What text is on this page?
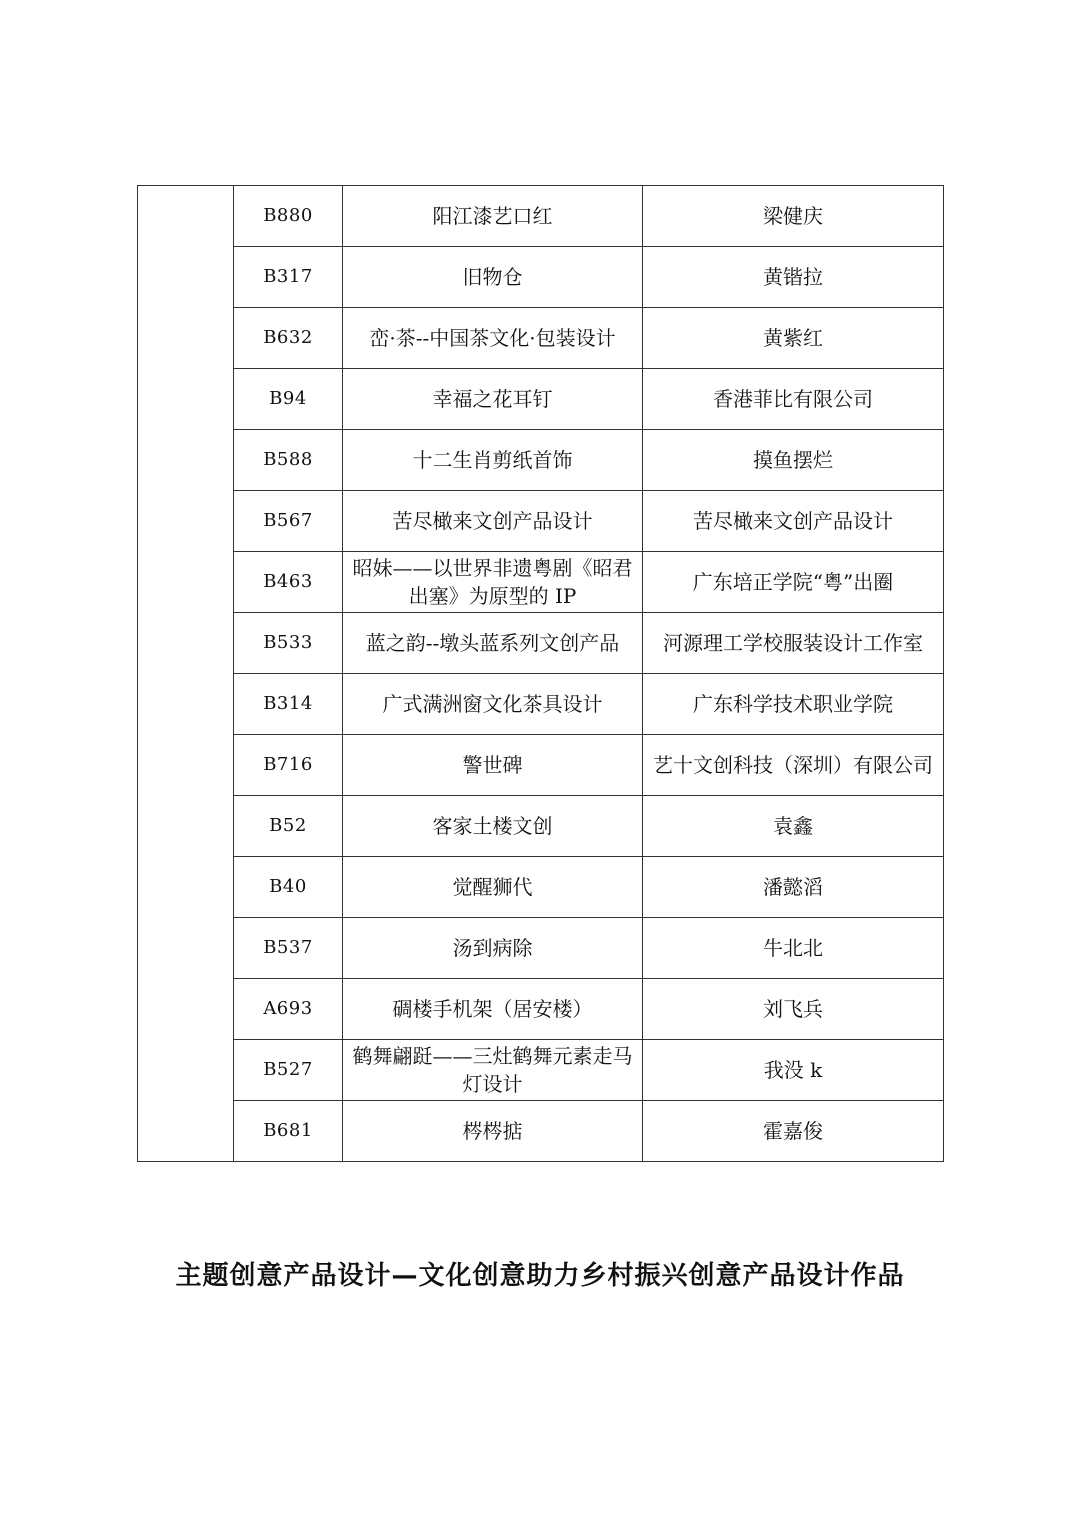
	B880	阳江漆艺口红	梁健庆
	B317	旧物仓	黄锴拉
	B632	峦·茶--中国茶文化·包装设计	黄紫红
	B94	幸福之花耳钉	香港菲比有限公司
	B588	十二生肖剪纸首饰	摸鱼摆烂
	B567	苦尽橄来文创产品设计	苦尽橄来文创产品设计
	B463	昭妹——以世界非遗粤剧《昭君出塞》为原型的 IP	广东培正学院“粤”出圈
	B533	蓝之韵--墩头蓝系列文创产品	河源理工学校服装设计工作室
	B314	广式满洲窗文化茶具设计	广东科学技术职业学院
	B716	警世碑	艺十文创科技（深圳）有限公司
	B52	客家土楼文创	袁鑫
	B40	觉醒狮代	潘懿滔
	B537	汤到病除	牛北北
	A693	碉楼手机架（居安楼）	刘飞兵
	B527	鹤舞翩跹——三灶鹤舞元素走马灯设计	我没 k
	B681	梣梣掂	霍嘉俊
主题创意产品设计—文化创意助力乡村振兴创意产品设计作品
